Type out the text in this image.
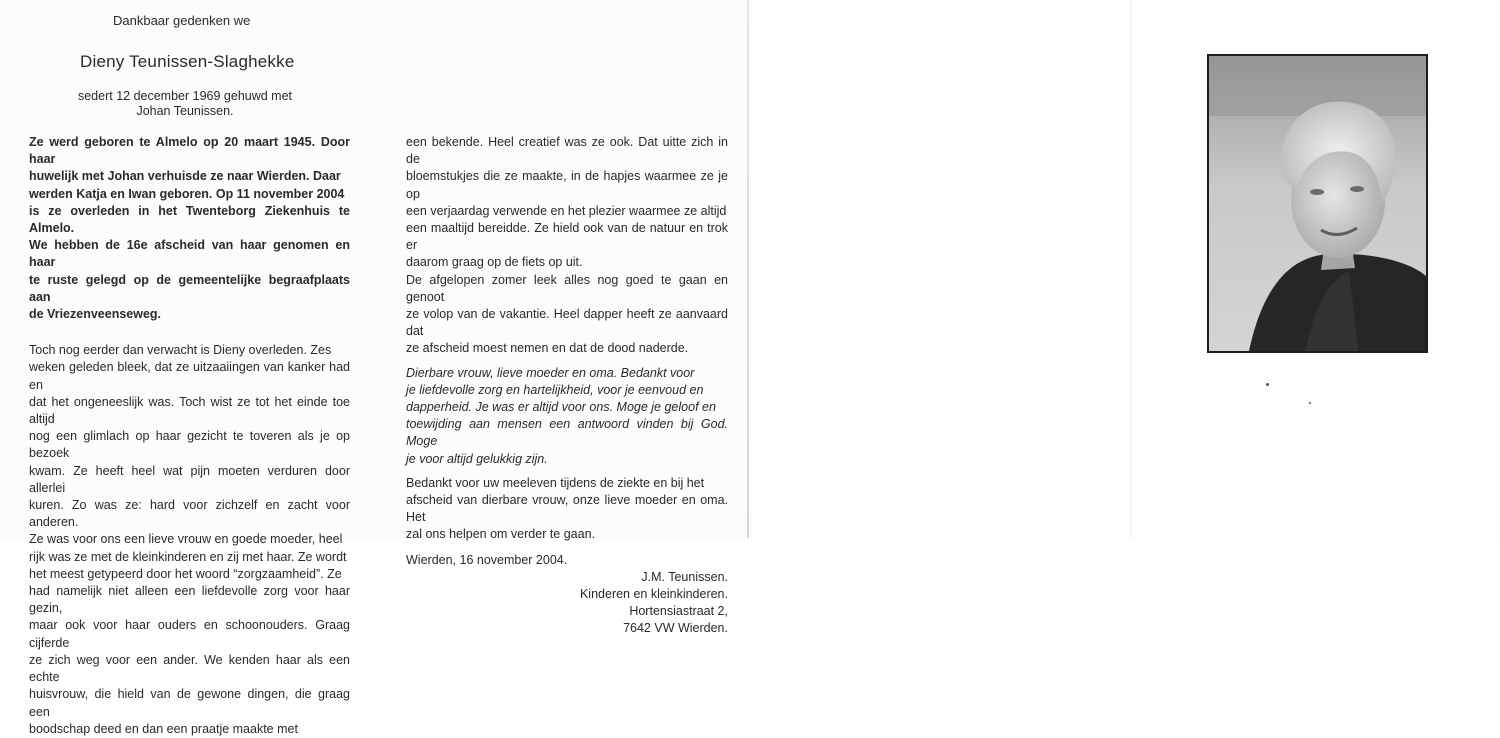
Dankbaar gedenken we

Dieny Teunissen-Slaghekke

sedert 12 december 1969 gehuwd met

Johan Teunissen.

Ze werd geboren te Almelo op 20 maart 1945. Door haar

huwelijk met Johan verhuisde ze naar Wierden. Daar

werden Katja en Iwan geboren. Op 11 november 2004

is ze overleden in het Twenteborg Ziekenhuis te Almelo.

We hebben de 16e afscheid van haar genomen en haar

te ruste gelegd op de gemeentelijke begraafplaats aan

de Vriezenveenseweg.

Toch nog eerder dan verwacht is Dieny overleden. Zes

weken geleden bleek, dat ze uitzaaiingen van kanker had en

dat het ongeneeslijk was. Toch wist ze tot het einde toe altijd

nog een glimlach op haar gezicht te toveren als je op bezoek

kwam. Ze heeft heel wat pijn moeten verduren door allerlei

kuren. Zo was ze: hard voor zichzelf en zacht voor anderen.

Ze was voor ons een lieve vrouw en goede moeder, heel

rijk was ze met de kleinkinderen en zij met haar. Ze wordt

het meest getypeerd door het woord “zorgzaamheid”. Ze

had namelijk niet alleen een liefdevolle zorg voor haar gezin,

maar ook voor haar ouders en schoonouders. Graag cijferde

ze zich weg voor een ander. We kenden haar als een echte

huisvrouw, die hield van de gewone dingen, die graag een

boodschap deed en dan een praatje maakte met

een bekende. Heel creatief was ze ook. Dat uitte zich in de

bloemstukjes die ze maakte, in de hapjes waarmee ze je op

een verjaardag verwende en het plezier waarmee ze altijd

een maaltijd bereidde. Ze hield ook van de natuur en trok er

daarom graag op de fiets op uit.

De afgelopen zomer leek alles nog goed te gaan en genoot

ze volop van de vakantie. Heel dapper heeft ze aanvaard dat

ze afscheid moest nemen en dat de dood naderde.

Dierbare vrouw, lieve moeder en oma. Bedankt voor

je liefdevolle zorg en hartelijkheid, voor je eenvoud en

dapperheid. Je was er altijd voor ons. Moge je geloof en

toewijding aan mensen een antwoord vinden bij God. Moge

je voor altijd gelukkig zijn.

Bedankt voor uw meeleven tijdens de ziekte en bij het

afscheid van dierbare vrouw, onze lieve moeder en oma. Het

zal ons helpen om verder te gaan.

Wierden, 16 november 2004.

J.M. Teunissen.

Kinderen en kleinkinderen.

Hortensiastraat 2,

7642 VW Wierden.
